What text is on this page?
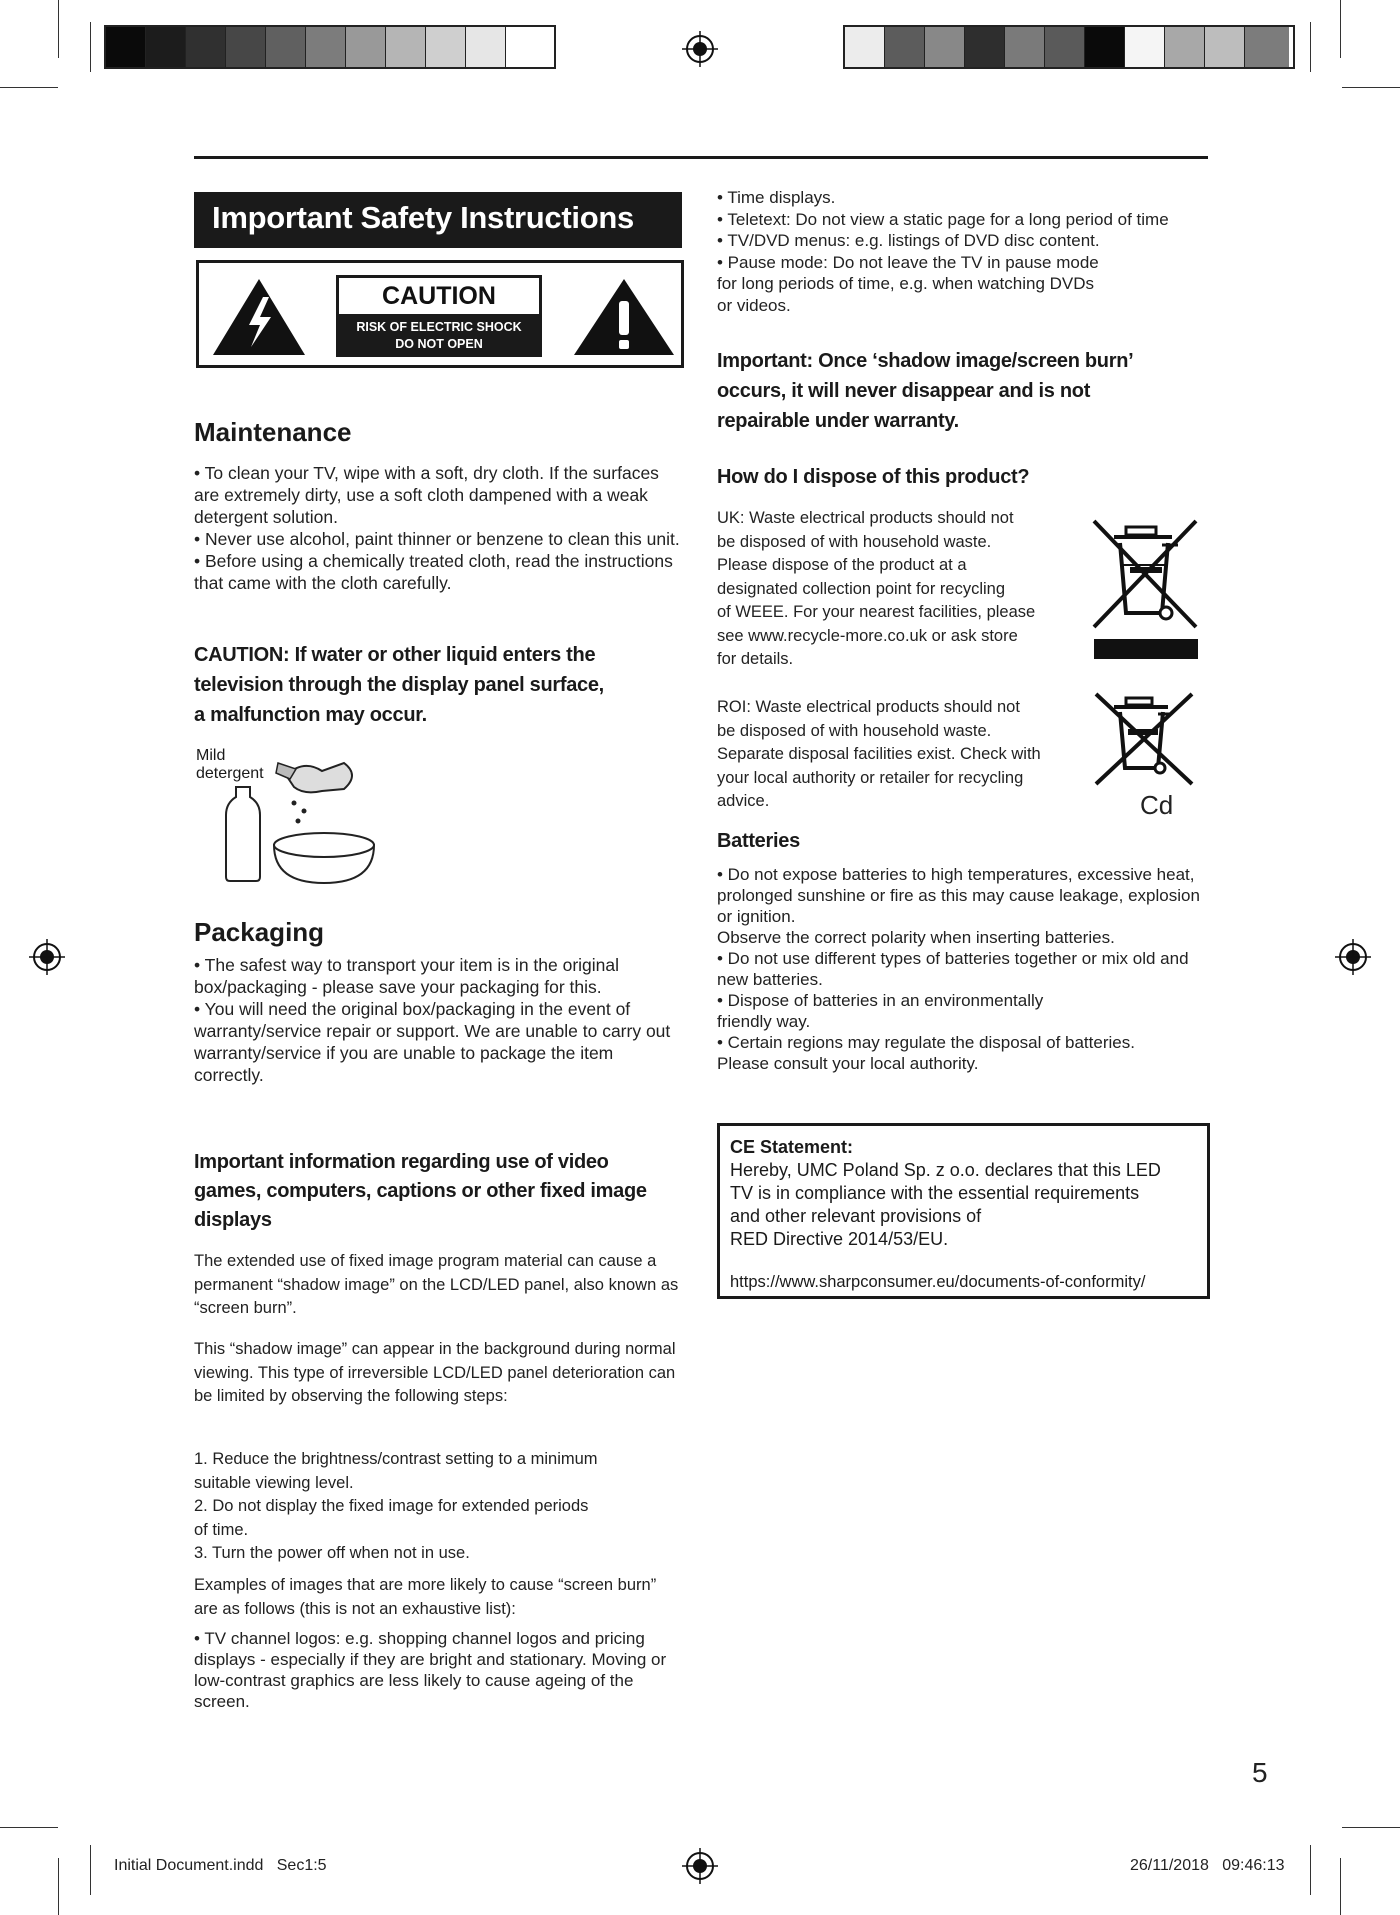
Important Safety Instructions
CAUTION
RISK OF ELECTRIC SHOCK
DO NOT OPEN
Maintenance

• To clean your TV, wipe with a soft, dry cloth. If the surfaces are extremely dirty, use a soft cloth dampened with a weak detergent solution.

• Never use alcohol, paint thinner or benzene to clean this unit.

• Before using a chemically treated cloth, read the instructions that came with the cloth carefully.

CAUTION: If water or other liquid enters the
television through the display panel surface,
a malfunction may occur.
Mild
detergent
Packaging

• The safest way to transport your item is in the original box/packaging - please save your packaging for this.

• You will need the original box/packaging in the event of warranty/service repair or support. We are unable to carry out warranty/service if you are unable to package the item correctly.

Important information regarding use of video
games, computers, captions or other fixed image
displays
The extended use of fixed image program material can cause a permanent “shadow image” on the LCD/LED panel, also known as “screen burn”.
This “shadow image” can appear in the background during normal viewing. This type of irreversible LCD/LED panel deterioration can be limited by observing the following steps:
1. Reduce the brightness/contrast setting to a minimum
suitable viewing level.
2. Do not display the fixed image for extended periods
of time.
3. Turn the power off when not in use.
Examples of images that are more likely to cause “screen burn” are as follows (this is not an exhaustive list):
• TV channel logos: e.g. shopping channel logos and pricing displays - especially if they are bright and stationary. Moving or low-contrast graphics are less likely to cause ageing of the screen.

• Time displays.

• Teletext: Do not view a static page for a long period of time

• TV/DVD menus: e.g. listings of DVD disc content.

• Pause mode: Do not leave the TV in pause mode

for long periods of time, e.g. when watching DVDs

or videos.

Important: Once ‘shadow image/screen burn’
occurs, it will never disappear and is not
repairable under warranty.
How do I dispose of this product?
UK: Waste electrical products should not
be disposed of with household waste.
Please dispose of the product at a
designated collection point for recycling
of WEEE. For your nearest facilities, please
see www.recycle-more.co.uk or ask store
for details.
ROI: Waste electrical products should not
be disposed of with household waste.
Separate disposal facilities exist. Check with
your local authority or retailer for recycling
advice.	Cd
Batteries

• Do not expose batteries to high temperatures, excessive heat, prolonged sunshine or fire as this may cause leakage, explosion or ignition.

Observe the correct polarity when inserting batteries.

• Do not use different types of batteries together or mix old and new batteries.

• Dispose of batteries in an environmentally

friendly way.

• Certain regions may regulate the disposal of batteries.

Please consult your local authority.

CE Statement:
Hereby, UMC Poland Sp. z o.o. declares that this LED
TV is in compliance with the essential requirements
and other relevant provisions of
RED Directive 2014/53/EU.
https://www.sharpconsumer.eu/documents-of-conformity/
5
Initial Document.indd   Sec1:5	26/11/2018   09:46:13
